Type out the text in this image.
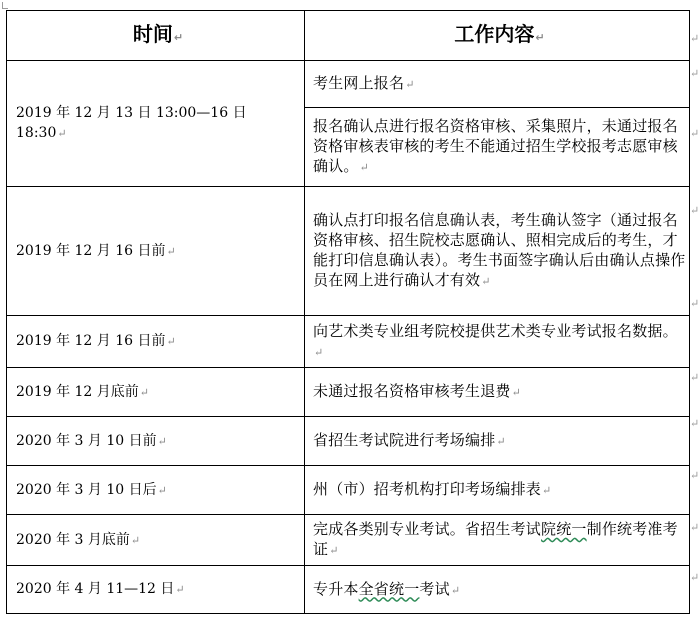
↵
↵
↵
↵
↵
↵
↵
↵
↵
↵
时间↵	工作内容↵
2019 年 12 月 13 日 13:00—16 日 18:30↵	考生网上报名↵
	报名确认点进行报名资格审核、采集照片，未通过报名资格审核表审核的考生不能通过招生学校报考志愿审核确认。↵
2019 年 12 月 16 日前↵	确认点打印报名信息确认表，考生确认签字（通过报名资格审核、招生院校志愿确认、照相完成后的考生，才能打印信息确认表）。考生书面签字确认后由确认点操作员在网上进行确认才有效↵
2019 年 12 月 16 日前↵	向艺术类专业组考院校提供艺术类专业考试报名数据。↵
2019 年 12 月底前↵	未通过报名资格审核考生退费↵
2020 年 3 月 10 日前↵	省招生考试院进行考场编排↵
2020 年 3 月 10 日后↵	州（市）招考机构打印考场编排表↵
2020 年 3 月底前↵	完成各类别专业考试。省招生考试院统一制作统考准考证↵
2020 年 4 月 11—12 日↵	专升本全省统一考试↵
